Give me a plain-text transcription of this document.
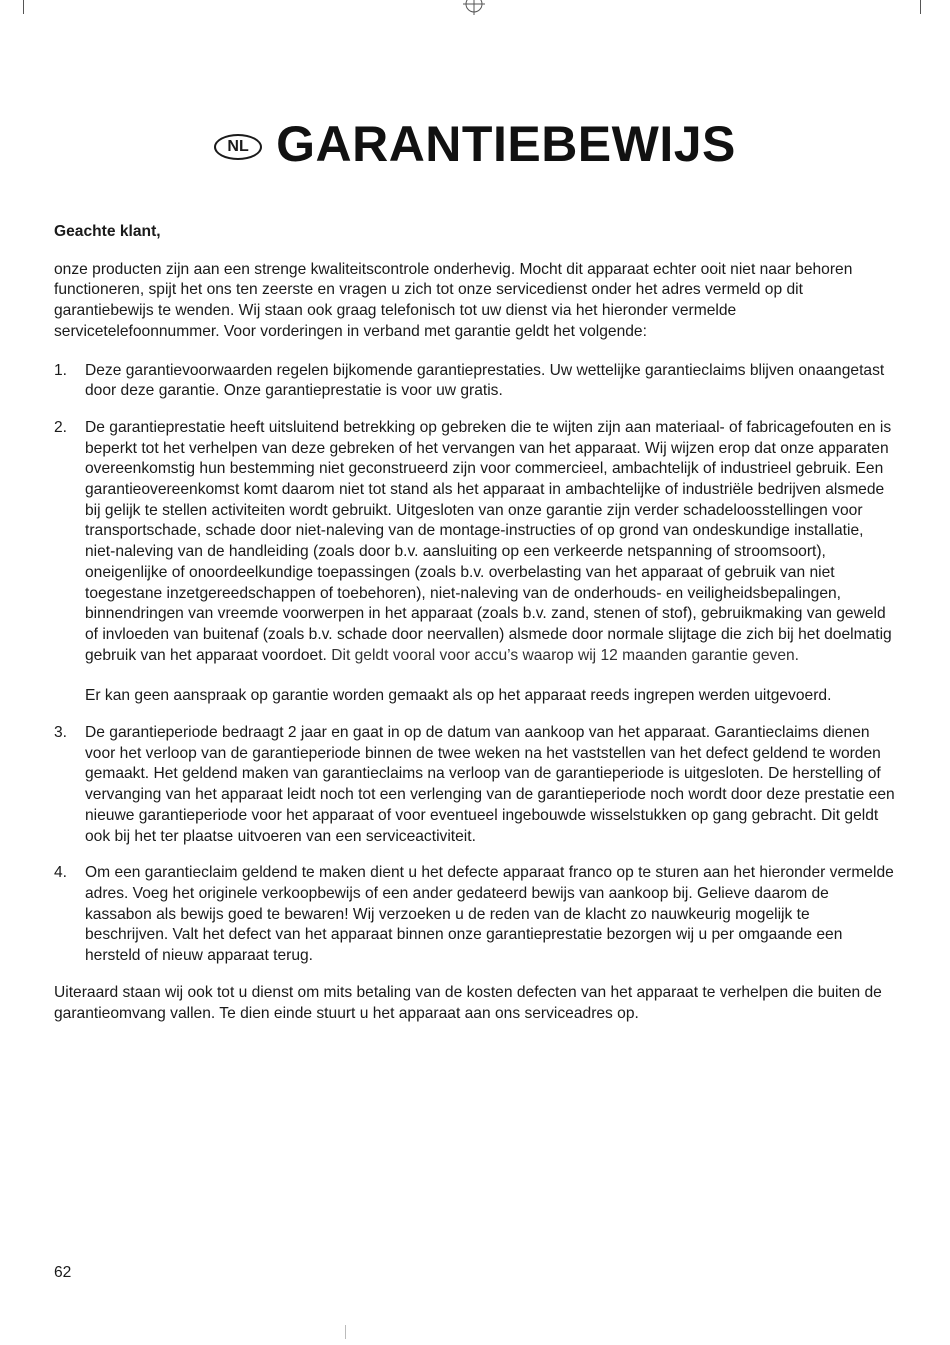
NL GARANTIEBEWIJS

Geachte klant,

onze producten zijn aan een strenge kwaliteitscontrole onderhevig. Mocht dit apparaat echter ooit niet naar behoren functioneren, spijt het ons ten zeerste en vragen u zich tot onze servicedienst onder het adres vermeld op dit garantiebewijs te wenden. Wij staan ook graag telefonisch tot uw dienst via het hieronder vermelde servicetelefoonnummer. Voor vorderingen in verband met garantie geldt het volgende:

1.	Deze garantievoorwaarden regelen bijkomende garantieprestaties. Uw wettelijke garantieclaims blijven onaangetast door deze garantie. Onze garantieprestatie is voor uw gratis.

2.	De garantieprestatie heeft uitsluitend betrekking op gebreken die te wijten zijn aan materiaal- of fabricagefouten en is beperkt tot het verhelpen van deze gebreken of het vervangen van het apparaat. Wij wijzen erop dat onze apparaten overeenkomstig hun bestemming niet geconstrueerd zijn voor commercieel, ambachtelijk of industrieel gebruik. Een garantieovereenkomst komt daarom niet tot stand als het apparaat in ambachtelijke of industriële bedrijven alsmede bij gelijk te stellen activiteiten wordt gebruikt. Uitgesloten van onze garantie zijn verder schadeloosstellingen voor transportschade, schade door niet-naleving van de montage-instructies of op grond van ondeskundige installatie, niet-naleving van de handleiding (zoals door b.v. aansluiting op een verkeerde netspanning of stroomsoort), oneigenlijke of onoordeelkundige toepassingen (zoals b.v. overbelasting van het apparaat of gebruik van niet toegestane inzetgereedschappen of toebehoren), niet-naleving van de onderhouds- en veiligheidsbepalingen, binnendringen van vreemde voorwerpen in het apparaat (zoals b.v. zand, stenen of stof), gebruikmaking van geweld of invloeden van buitenaf (zoals b.v. schade door neervallen) alsmede door normale slijtage die zich bij het doelmatig gebruik van het apparaat voordoet. Dit geldt vooral voor accu’s waarop wij 12 maanden garantie geven.

Er kan geen aanspraak op garantie worden gemaakt als op het apparaat reeds ingrepen werden uitgevoerd.

3.	De garantieperiode bedraagt 2 jaar en gaat in op de datum van aankoop van het apparaat. Garantieclaims dienen voor het verloop van de garantieperiode binnen de twee weken na het vaststellen van het defect geldend te worden gemaakt. Het geldend maken van garantieclaims na verloop van de garantieperiode is uitgesloten. De herstelling of vervanging van het apparaat leidt noch tot een verlenging van de garantieperiode noch wordt door deze prestatie een nieuwe garantieperiode voor het apparaat of voor eventueel ingebouwde wisselstukken op gang gebracht. Dit geldt ook bij het ter plaatse uitvoeren van een serviceactiviteit.

4.	Om een garantieclaim geldend te maken dient u het defecte apparaat franco op te sturen aan het hieronder vermelde adres. Voeg het originele verkoopbewijs of een ander gedateerd bewijs van aankoop bij. Gelieve daarom de kassabon als bewijs goed te bewaren! Wij verzoeken u de reden van de klacht zo nauwkeurig mogelijk te beschrijven. Valt het defect van het apparaat binnen onze garantieprestatie bezorgen wij u per omgaande een hersteld of nieuw apparaat terug.

Uiteraard staan wij ook tot u dienst om mits betaling van de kosten defecten van het apparaat te verhelpen die buiten de garantieomvang vallen. Te dien einde stuurt u het apparaat aan ons serviceadres op.

62
